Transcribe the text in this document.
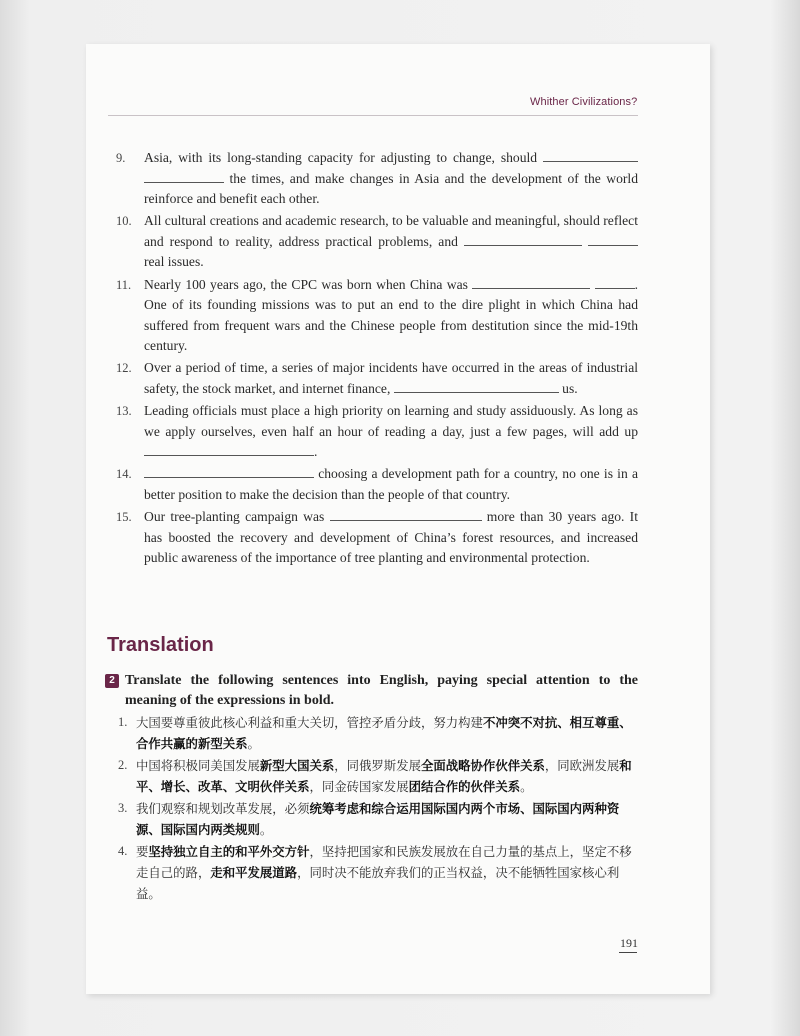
Whither Civilizations?
9.	Asia, with its long-standing capacity for adjusting to change, should   the times, and make changes in Asia and the development of the world reinforce and benefit each other.
10. All cultural creations and academic research, to be valuable and meaningful, should reflect and respond to reality, address practical problems, and   real issues.
11. Nearly 100 years ago, the CPC was born when China was	. One of its founding missions was to put an end to the dire plight in which China had suffered from frequent wars and the Chinese people from destitution since the mid-19th century.
12. Over a period of time, a series of major incidents have occurred in the areas of industrial safety, the stock market, and internet finance,	us.
13. Leading officials must place a high priority on learning and study assiduously. As long as we apply ourselves, even half an hour of reading a day, just a few pages, will add up .
14.	choosing a development path for a country, no one is in a better position to make the decision than the people of that country.
15. Our tree-planting campaign was	more than 30 years ago. It has boosted the recovery and development of China’s forest resources, and increased public awareness of the importance of tree planting and environmental protection.
Translation
2 Translate the following sentences into English, paying special attention to the meaning of the expressions in bold.
1. 大国要尊重彼此核心利益和重大关切，管控矛盾分歧，努力构建不冲突不对抗、相互尊重、合作共赢的新型关系。
2. 中国将积极同美国发展新型大国关系，同俄罗斯发展全面战略协作伙伴关系，同欧洲发展和平、增长、改革、文明伙伴关系，同金砖国家发展团结合作的伙伴关系。
3. 我们观察和规划改革发展，必须统筹考虑和综合运用国际国内两个市场、国际国内两种资源、国际国内两类规则。
4. 要坚持独立自主的和平外交方针，坚持把国家和民族发展放在自己力量的基点上，坚定不移走自己的路，走和平发展道路，同时决不能放弃我们的正当权益，决不能牺牲国家核心利益。
191
